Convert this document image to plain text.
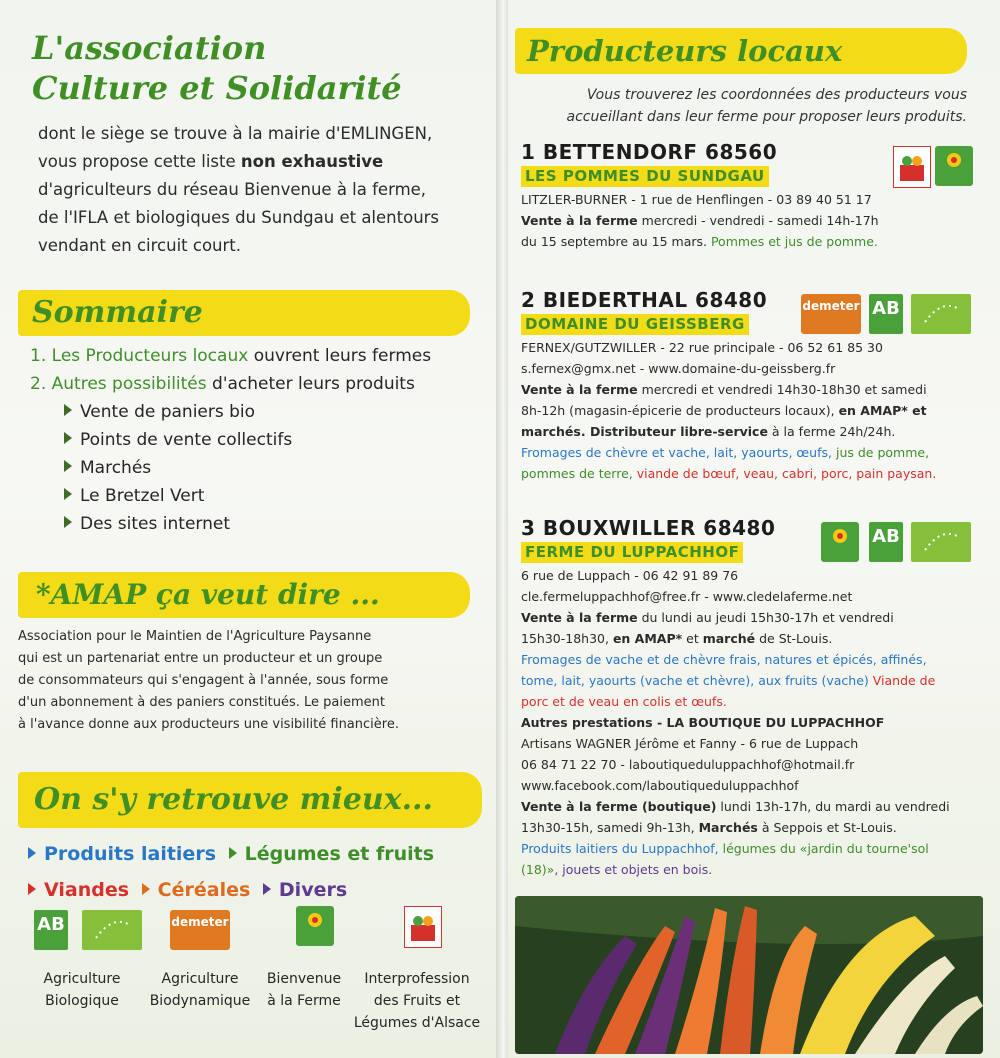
L'association
Culture et Solidarité
dont le siège se trouve à la mairie d'EMLINGEN,
vous propose cette liste non exhaustive
d'agriculteurs du réseau Bienvenue à la ferme,
de l'IFLA et biologiques du Sundgau et alentours
vendant en circuit court.
Sommaire
1. Les Producteurs locaux ouvrent leurs fermes
2. Autres possibilités d'acheter leurs produits
Vente de paniers bio
Points de vente collectifs
Marchés
Le Bretzel Vert
Des sites internet
*AMAP ça veut dire ...
Association pour le Maintien de l'Agriculture Paysanne
qui est un partenariat entre un producteur et un groupe
de consommateurs qui s'engagent à l'année, sous forme
d'un abonnement à des paniers constitués. Le paiement
à l'avance donne aux producteurs une visibilité financière.
On s'y retrouve mieux...
Produits laitiers Légumes et fruits
Viandes Céréales Divers
AB	demeter
Agriculture
Biologique
Agriculture
Biodynamique
Bienvenue
à la Ferme
Interprofession
des Fruits et
Légumes d'Alsace
Producteurs locaux
Vous trouverez les coordonnées des producteurs vous
accueillant dans leur ferme pour proposer leurs produits.
1 BETTENDORF 68560
LES POMMES DU SUNDGAU
LITZLER-BURNER - 1 rue de Henflingen - 03 89 40 51 17
Vente à la ferme mercredi - vendredi - samedi 14h-17h
du 15 septembre au 15 mars. Pommes et jus de pomme.
2 BIEDERTHAL 68480
DOMAINE DU GEISSBERG
FERNEX/GUTZWILLER - 22 rue principale - 06 52 61 85 30
s.fernex@gmx.net - www.domaine-du-geissberg.fr
Vente à la ferme mercredi et vendredi 14h30-18h30 et samedi
8h-12h (magasin-épicerie de producteurs locaux), en AMAP* et
marchés. Distributeur libre-service à la ferme 24h/24h.
Fromages de chèvre et vache, lait, yaourts, œufs, jus de pomme,
pommes de terre, viande de bœuf, veau, cabri, porc, pain paysan.
demeter AB
3 BOUXWILLER 68480
FERME DU LUPPACHHOF
6 rue de Luppach - 06 42 91 89 76
cle.fermeluppachhof@free.fr - www.cledelaferme.net
Vente à la ferme du lundi au jeudi 15h30-17h et vendredi
15h30-18h30, en AMAP* et marché de St-Louis.
Fromages de vache et de chèvre frais, natures et épicés, affinés,
tome, lait, yaourts (vache et chèvre), aux fruits (vache) Viande de
porc et de veau en colis et œufs.
Autres prestations - LA BOUTIQUE DU LUPPACHHOF
Artisans WAGNER Jérôme et Fanny - 6 rue de Luppach
06 84 71 22 70 - laboutiqueduluppachhof@hotmail.fr
www.facebook.com/laboutiqueduluppachhof
Vente à la ferme (boutique) lundi 13h-17h, du mardi au vendredi
13h30-15h, samedi 9h-13h, Marchés à Seppois et St-Louis.
Produits laitiers du Luppachhof, légumes du «jardin du tourne'sol
(18)», jouets et objets en bois.
AB
